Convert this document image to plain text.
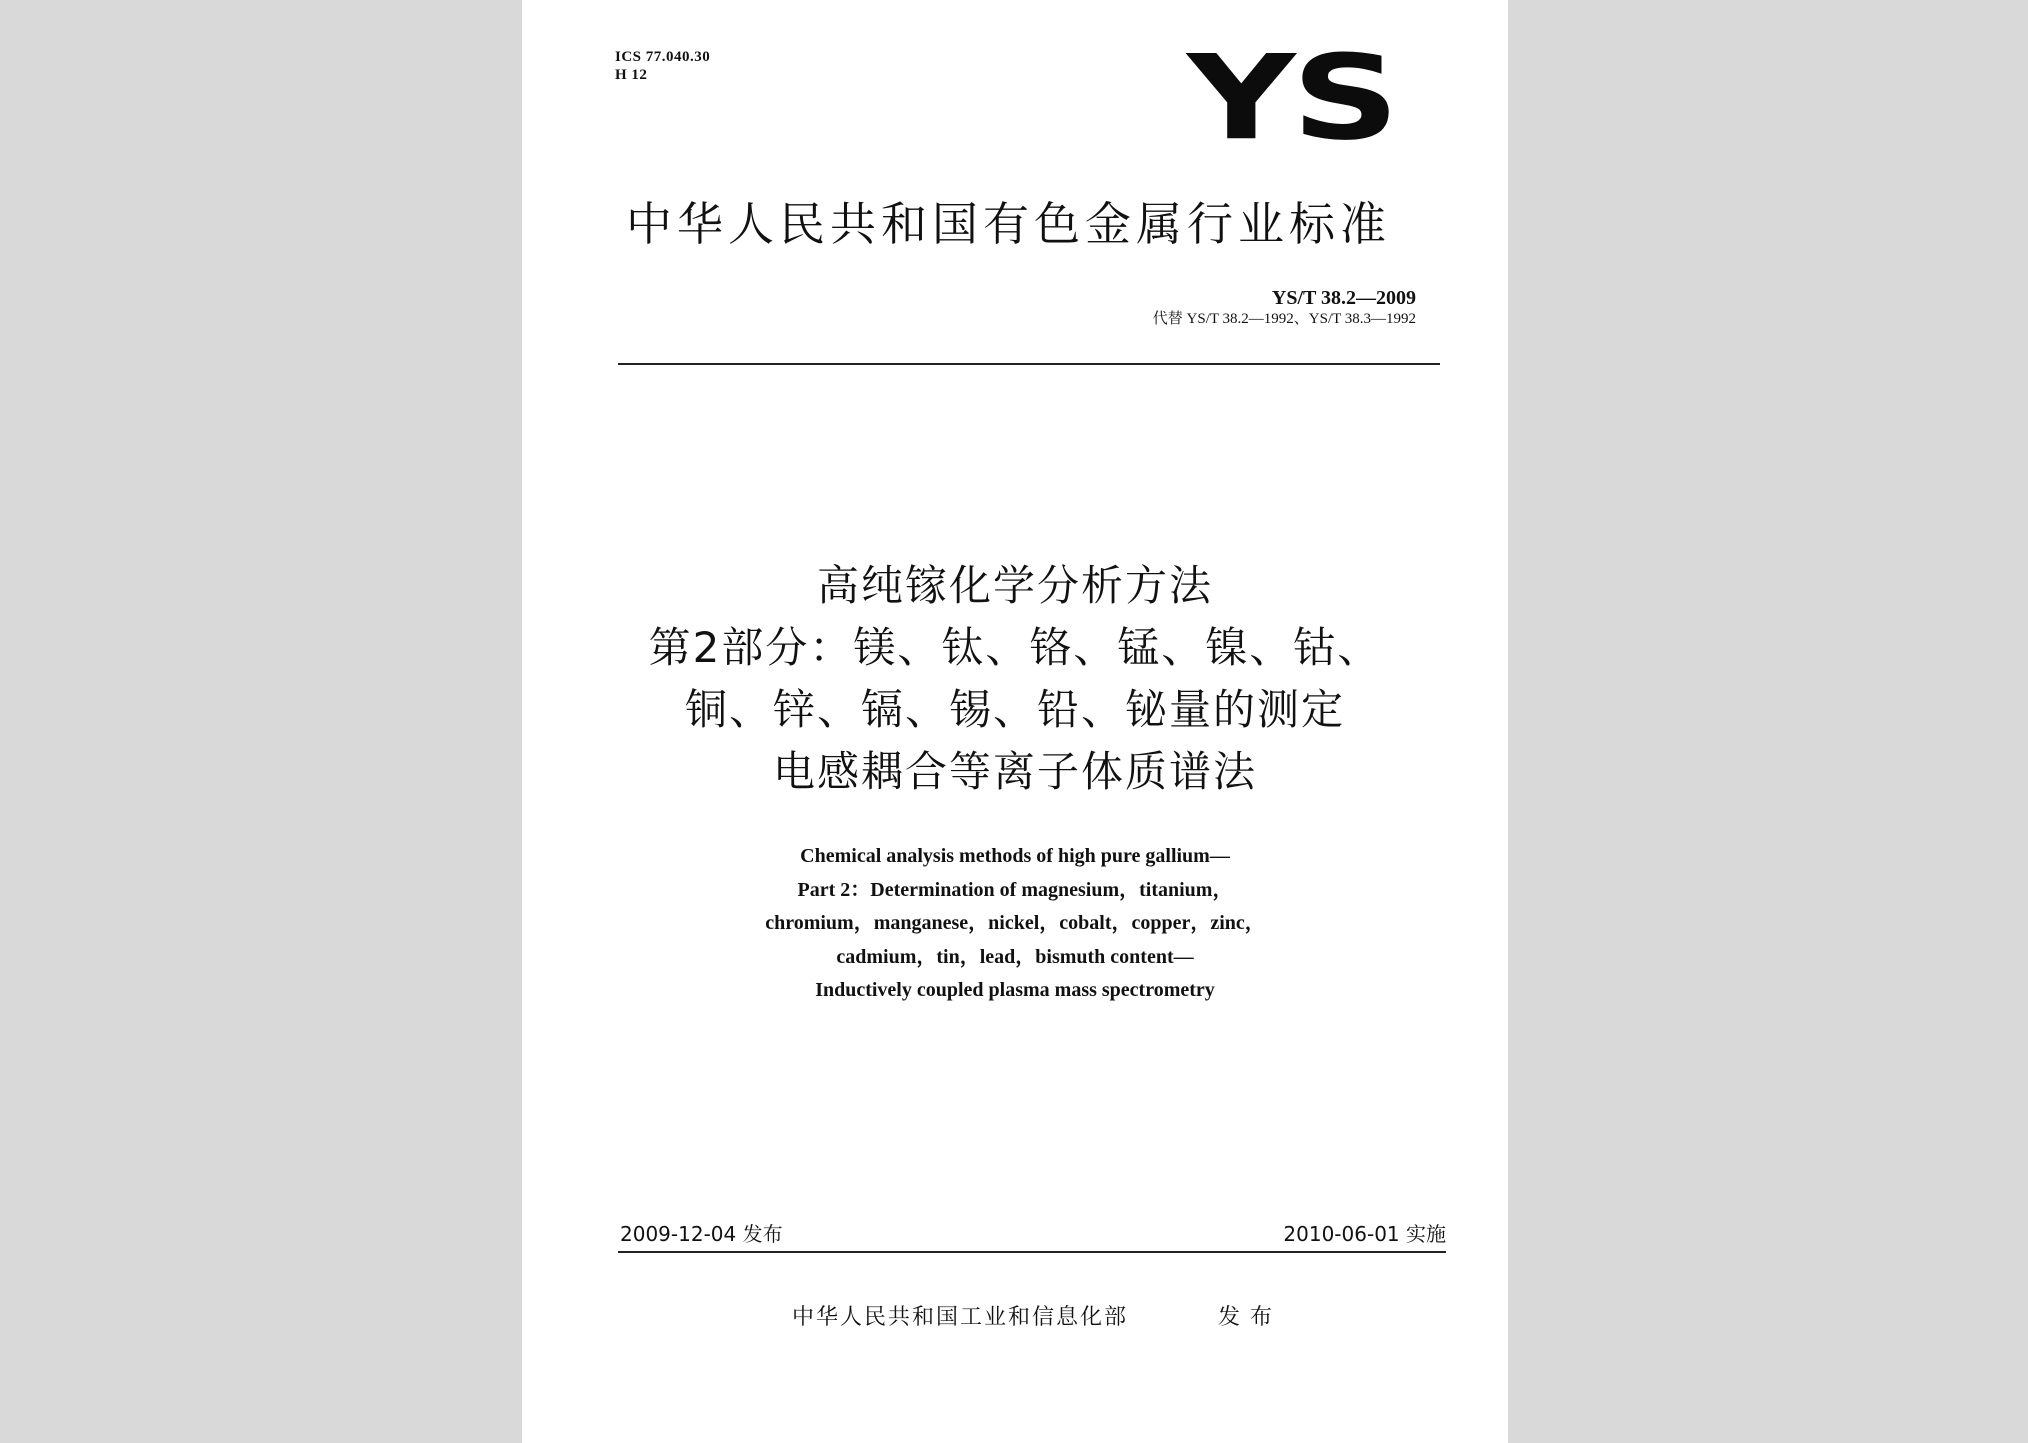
ICS 77.040.30
H 12	YS
中华人民共和国有色金属行业标准
YS/T 38.2—2009
代替 YS/T 38.2—1992、YS/T 38.3—1992
高纯镓化学分析方法
第2部分：镁、钛、铬、锰、镍、钴、
铜、锌、镉、锡、铅、铋量的测定
电感耦合等离子体质谱法
Chemical analysis methods of high pure gallium—
Part 2：Determination of magnesium，titanium，
chromium，manganese，nickel，cobalt，copper，zinc，
cadmium，tin，lead，bismuth content—
Inductively coupled plasma mass spectrometry
2009-12-04 发布	2010-06-01 实施
中华人民共和国工业和信息化部	发布
